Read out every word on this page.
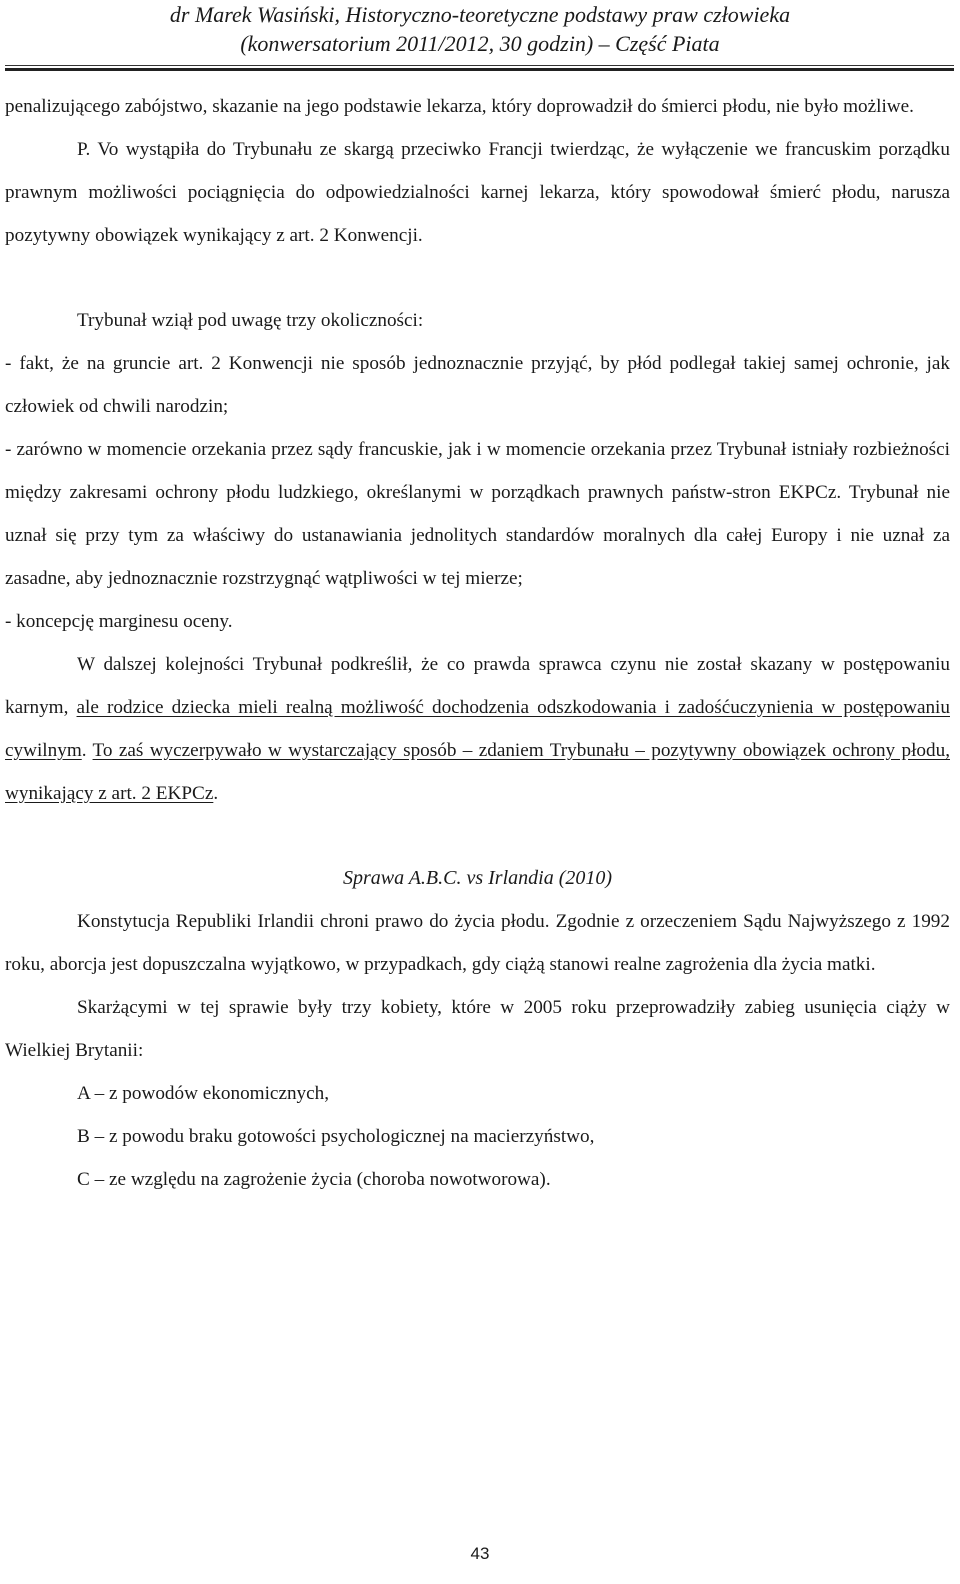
dr Marek Wasiński, Historyczno-teoretyczne podstawy praw człowieka
(konwersatorium 2011/2012, 30 godzin) – Część Piata

penalizującego zabójstwo, skazanie na jego podstawie lekarza, który doprowadził do śmierci płodu, nie było możliwe.

P. Vo wystąpiła do Trybunału ze skargą przeciwko Francji twierdząc, że wyłączenie we francuskim porządku prawnym możliwości pociągnięcia do odpowiedzialności karnej lekarza, który spowodował śmierć płodu, narusza pozytywny obowiązek wynikający z art. 2 Konwencji.

Trybunał wziął pod uwagę trzy okoliczności:

- fakt, że na gruncie art. 2 Konwencji nie sposób jednoznacznie przyjąć, by płód podlegał takiej samej ochronie, jak człowiek od chwili narodzin;

- zarówno w momencie orzekania przez sądy francuskie, jak i w momencie orzekania przez Trybunał istniały rozbieżności między zakresami ochrony płodu ludzkiego, określanymi w porządkach prawnych państw-stron EKPCz. Trybunał nie uznał się przy tym za właściwy do ustanawiania jednolitych standardów moralnych dla całej Europy i nie uznał za zasadne, aby jednoznacznie rozstrzygnąć wątpliwości w tej mierze;

- koncepcję marginesu oceny.

W dalszej kolejności Trybunał podkreślił, że co prawda sprawca czynu nie został skazany w postępowaniu karnym, ale rodzice dziecka mieli realną możliwość dochodzenia odszkodowania i zadośćuczynienia w postępowaniu cywilnym. To zaś wyczerpywało w wystarczający sposób – zdaniem Trybunału – pozytywny obowiązek ochrony płodu, wynikający z art. 2 EKPCz.

Sprawa A.B.C. vs Irlandia (2010)

Konstytucja Republiki Irlandii chroni prawo do życia płodu. Zgodnie z orzeczeniem Sądu Najwyższego z 1992 roku, aborcja jest dopuszczalna wyjątkowo, w przypadkach, gdy ciążą stanowi realne zagrożenia dla życia matki.

Skarżącymi w tej sprawie były trzy kobiety, które w 2005 roku przeprowadziły zabieg usunięcia ciąży w Wielkiej Brytanii:

A – z powodów ekonomicznych,

B – z powodu braku gotowości psychologicznej na macierzyństwo,

C – ze względu na zagrożenie życia (choroba nowotworowa).

43
